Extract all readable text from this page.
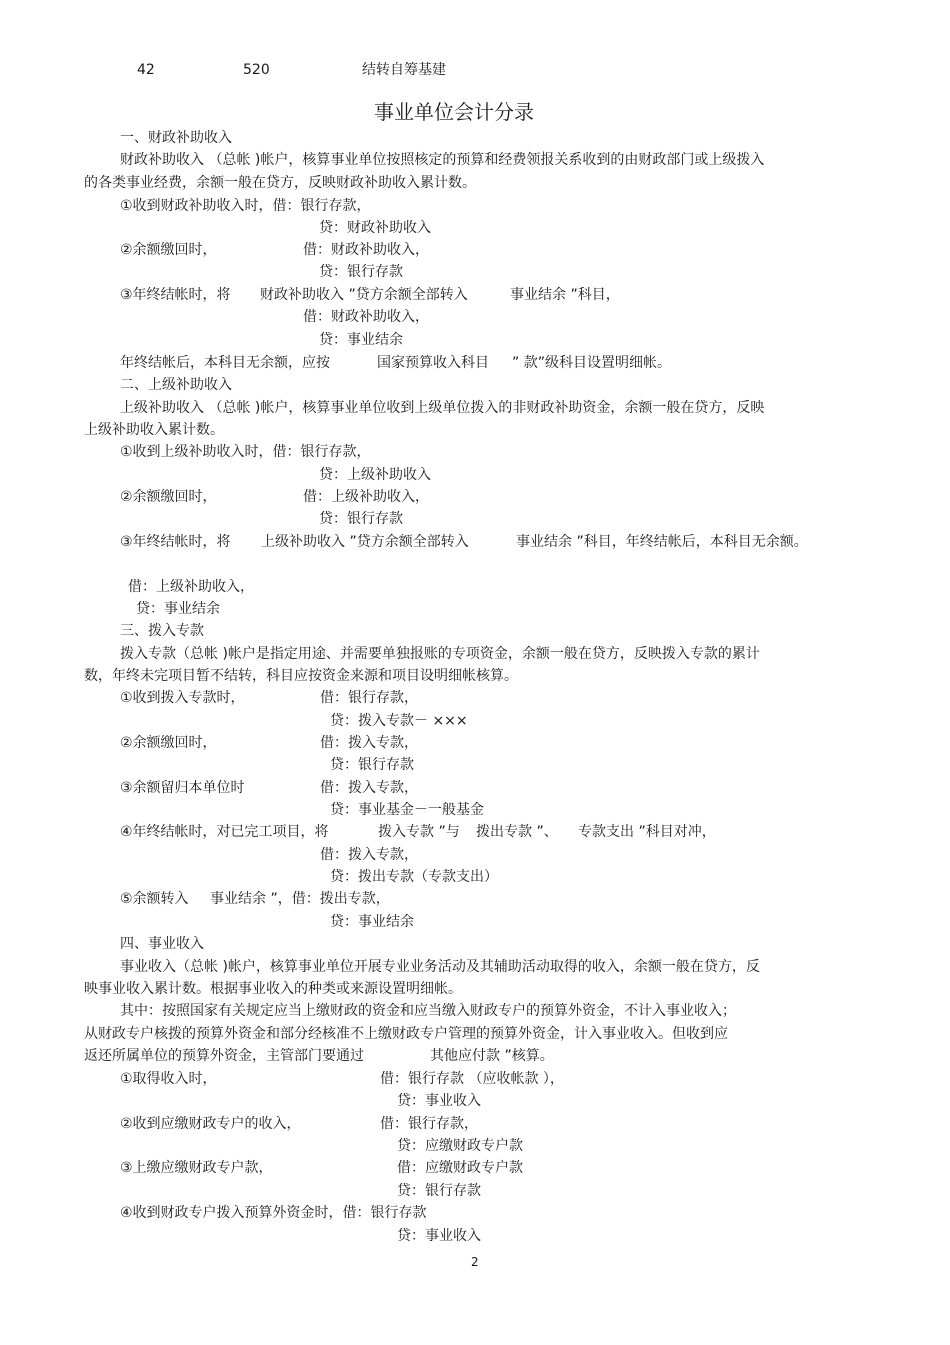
42	520	结转自筹基建
事业单位会计分录
一、财政补助收入
财政补助收入 （总帐 )帐户，核算事业单位按照核定的预算和经费领报关系收到的由财政部门或上级拨入
的各类事业经费，余额一般在贷方，反映财政补助收入累计数。
①收到财政补助收入时，借：银行存款，
贷：财政补助收入
②余额缴回时，	借：财政补助收入，
贷：银行存款
③年终结帐时，将 财政补助收入 ”贷方余额全部转入	事业结余 ”科目，
借：财政补助收入，
贷：事业结余
年终结帐后，本科目无余额，应按	国家预算收入科目 ” 款”级科目设置明细帐。
二、上级补助收入
上级补助收入 （总帐 )帐户，核算事业单位收到上级单位拨入的非财政补助资金，余额一般在贷方，反映
上级补助收入累计数。
①收到上级补助收入时，借：银行存款，
贷：上级补助收入
②余额缴回时，	借：上级补助收入，
贷：银行存款
③年终结帐时，将 上级补助收入 ”贷方余额全部转入	事业结余 ”科目，年终结帐后，本科目无余额。
借：上级补助收入，
贷：事业结余
三、拨入专款
拨入专款（总帐 )帐户是指定用途、并需要单独报账的专项资金，余额一般在贷方，反映拨入专款的累计
数，年终未完项目暂不结转，科目应按资金来源和项目设明细帐核算。
①收到拨入专款时，	借：银行存款，
贷：拨入专款－ ×××
②余额缴回时，	借：拨入专款，
贷：银行存款
③余额留归本单位时	借：拨入专款，
贷：事业基金－一般基金
④年终结帐时，对已完工项目，将	拨入专款 ”与 拨出专款 ”、 专款支出 ”科目对冲，
借：拨入专款，
贷：拨出专款（专款支出）
⑤余额转入 事业结余 ”，借：拨出专款，
贷：事业结余
四、事业收入
事业收入（总帐 )帐户，核算事业单位开展专业业务活动及其辅助活动取得的收入，余额一般在贷方，反
映事业收入累计数。根据事业收入的种类或来源设置明细帐。
其中：按照国家有关规定应当上缴财政的资金和应当缴入财政专户的预算外资金，不计入事业收入；
从财政专户核拨的预算外资金和部分经核准不上缴财政专户管理的预算外资金，计入事业收入。但收到应
返还所属单位的预算外资金，主管部门要通过	其他应付款 ”核算。
①取得收入时，	借：银行存款 （应收帐款 ），
贷：事业收入
②收到应缴财政专户的收入，	借：银行存款，
贷：应缴财政专户款
③上缴应缴财政专户款，	借：应缴财政专户款
贷：银行存款
④收到财政专户拨入预算外资金时，借：银行存款
贷：事业收入
2
